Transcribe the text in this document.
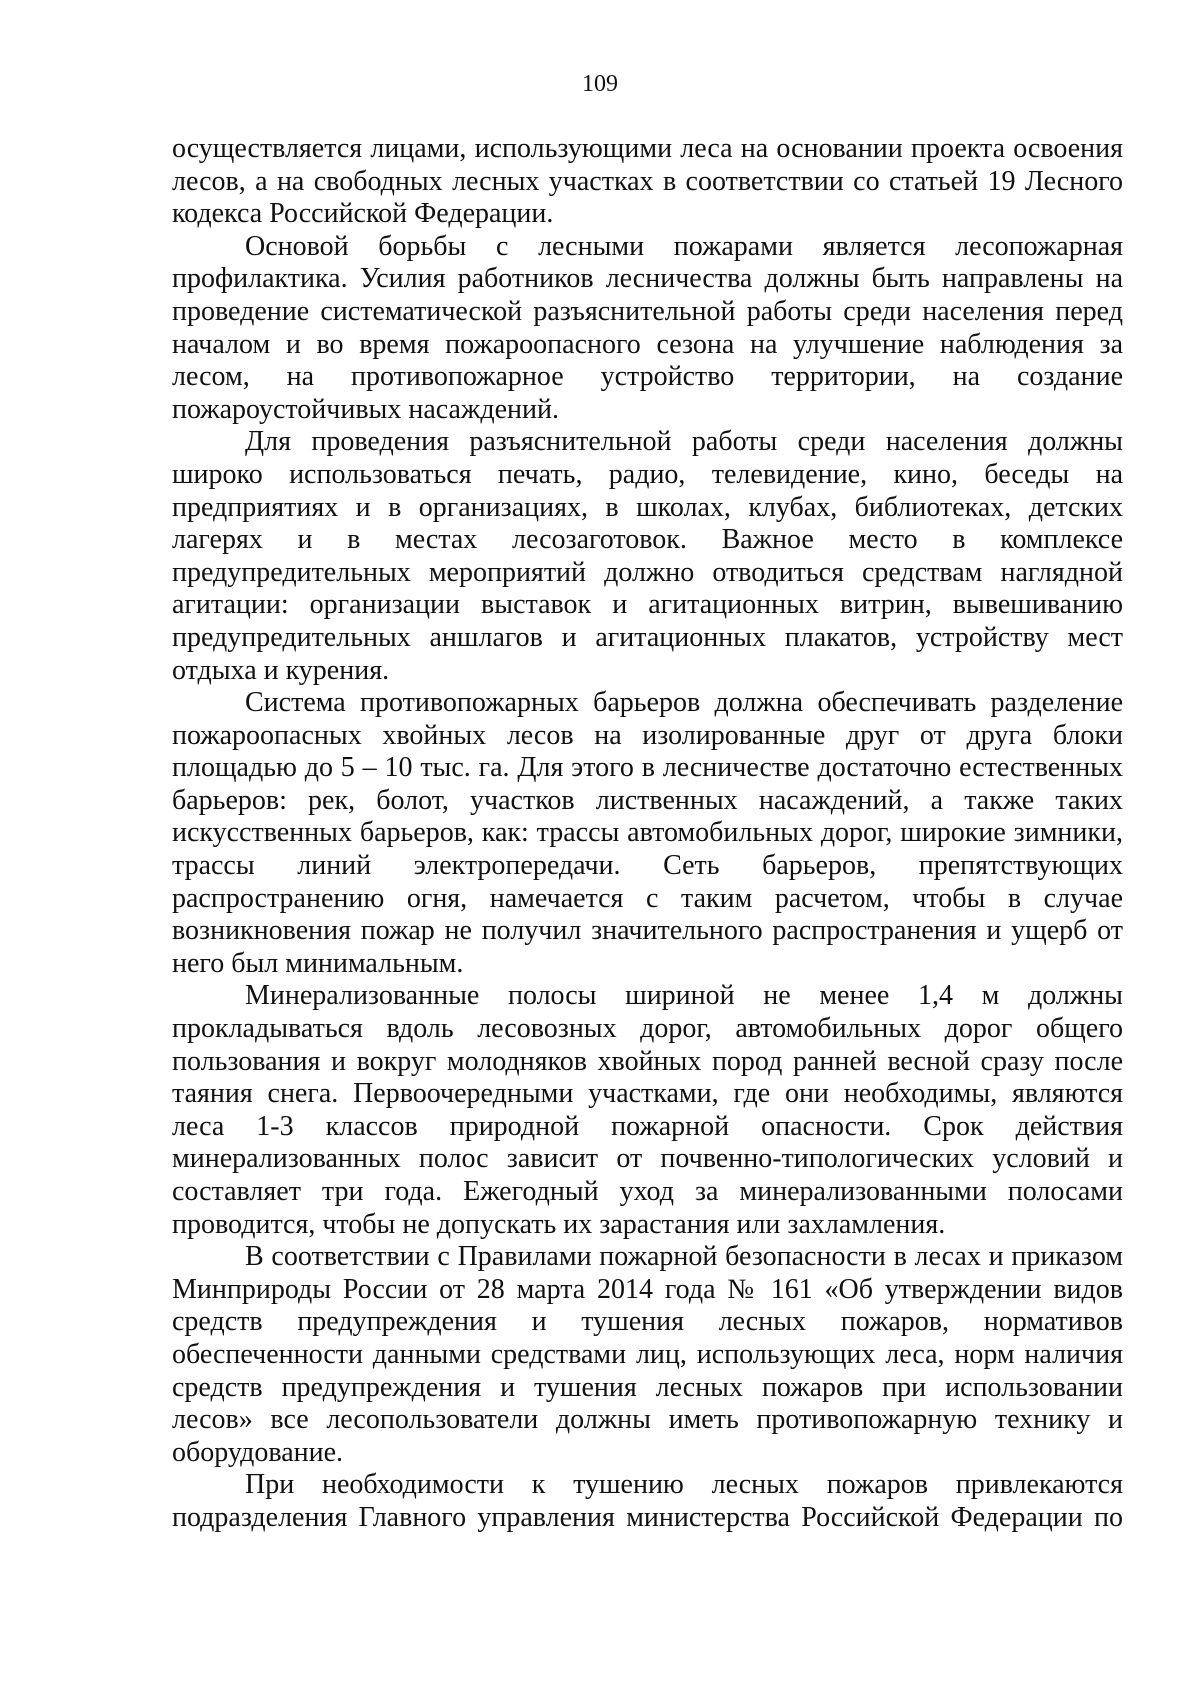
109

осуществляется лицами, использующими леса на основании проекта освоения лесов, а на свободных лесных участках в соответствии со статьей 19 Лесного кодекса Российской Федерации.

Основой борьбы с лесными пожарами является лесопожарная профилактика. Усилия работников лесничества должны быть направлены на проведение систематической разъяснительной работы среди населения перед началом и во время пожароопасного сезона на улучшение наблюдения за лесом, на противопожарное устройство территории, на создание пожароустойчивых насаждений.

Для проведения разъяснительной работы среди населения должны широко использоваться печать, радио, телевидение, кино, беседы на предприятиях и в организациях, в школах, клубах, библиотеках, детских лагерях и в местах лесозаготовок. Важное место в комплексе предупредительных мероприятий должно отводиться средствам наглядной агитации: организации выставок и агитационных витрин, вывешиванию предупредительных аншлагов и агитационных плакатов, устройству мест отдыха и курения.

Система противопожарных барьеров должна обеспечивать разделение пожароопасных хвойных лесов на изолированные друг от друга блоки площадью до 5 – 10 тыс. га. Для этого в лесничестве достаточно естественных барьеров: рек, болот, участков лиственных насаждений, а также таких искусственных барьеров, как: трассы автомобильных дорог, широкие зимники, трассы линий электропередачи. Сеть барьеров, препятствующих распространению огня, намечается с таким расчетом, чтобы в случае возникновения пожар не получил значительного распространения и ущерб от него был минимальным.

Минерализованные полосы шириной не менее 1,4 м должны прокладываться вдоль лесовозных дорог, автомобильных дорог общего пользования и вокруг молодняков хвойных пород ранней весной сразу после таяния снега. Первоочередными участками, где они необходимы, являются леса 1-3 классов природной пожарной опасности. Срок действия минерализованных полос зависит от почвенно-типологических условий и составляет три года. Ежегодный уход за минерализованными полосами проводится, чтобы не допускать их зарастания или захламления.

В соответствии с Правилами пожарной безопасности в лесах и приказом Минприроды России от 28 марта 2014 года № 161 «Об утверждении видов средств предупреждения и тушения лесных пожаров, нормативов обеспеченности данными средствами лиц, использующих леса, норм наличия средств предупреждения и тушения лесных пожаров при использовании лесов» все лесопользователи должны иметь противопожарную технику и оборудование.

При необходимости к тушению лесных пожаров привлекаются подразделения Главного управления министерства Российской Федерации по
